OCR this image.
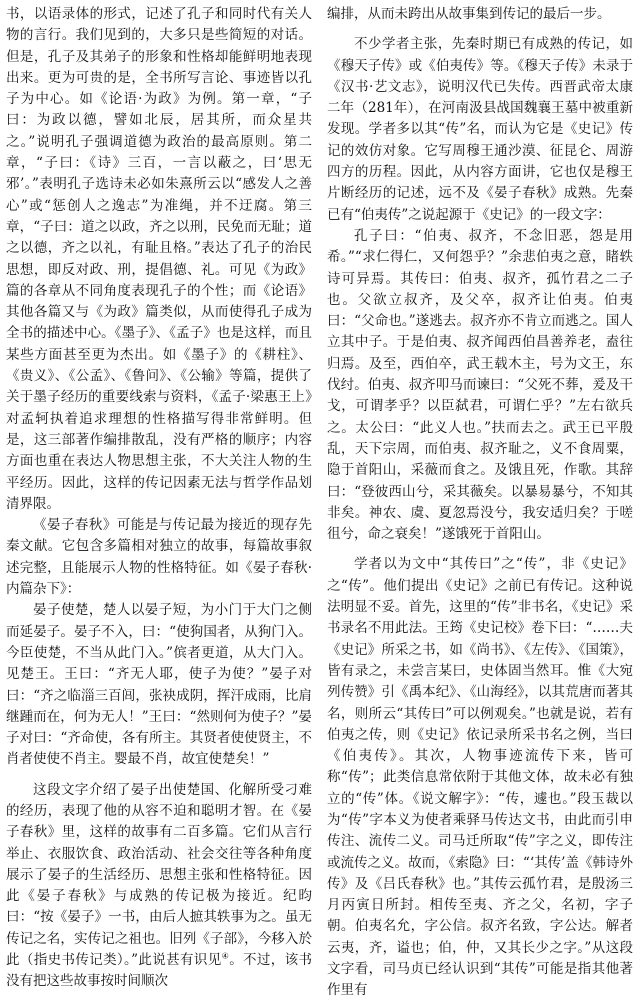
书，以语录体的形式，记述了孔子和同时代有关人物的言行。我们见到的，大多只是些简短的对话。但是，孔子及其弟子的形象和性格却能鲜明地表现出来。更为可贵的是，全书所写言论、事迹皆以孔子为中心。如《论语·为政》为例。第一章，“子曰：为政以德，譬如北辰，居其所，而众星共之。”说明孔子强调道德为政治的最高原则。第二章，“子曰：《诗》三百，一言以蔽之，曰‘思无邪’。”表明孔子选诗未必如朱熹所云以“感发人之善心”或“惩创人之逸志”为准绳，并不迂腐。第三章，“子曰：道之以政，齐之以刑，民免而无耻；道之以德，齐之以礼，有耻且格。”表达了孔子的治民思想，即反对政、刑，提倡德、礼。可见《为政》篇的各章从不同角度表现孔子的个性；而《论语》其他各篇又与《为政》篇类似，从而使得孔子成为全书的描述中心。《墨子》、《孟子》也是这样，而且某些方面甚至更为杰出。如《墨子》的《耕柱》、《贵义》、《公孟》、《鲁问》、《公输》等篇，提供了关于墨子经历的重要线索与资料，《孟子·梁惠王上》对孟轲执着追求理想的性格描写得非常鲜明。但是，这三部著作编排散乱，没有严格的顺序；内容方面也重在表达人物思想主张，不大关注人物的生平经历。因此，这样的传记因素无法与哲学作品划清界限。

《晏子春秋》可能是与传记最为接近的现存先秦文献。它包含多篇相对独立的故事，每篇故事叙述完整，且能展示人物的性格特征。如《晏子春秋·内篇杂下》：

晏子使楚，楚人以晏子短，为小门于大门之侧而延晏子。晏子不入，曰：“使狗国者，从狗门入。今臣使楚，不当从此门入。”傧者更道，从大门入。见楚王。王曰：“齐无人耶，使子为使？”晏子对曰：“齐之临淄三百闾，张袂成阴，挥汗成雨，比肩继踵而在，何为无人！”王曰：“然则何为使子？”晏子对曰：“齐命使，各有所主。其贤者使使贤主，不肖者使使不肖主。婴最不肖，故宜使楚矣！”

这段文字介绍了晏子出使楚国、化解所受刁难的经历，表现了他的从容不迫和聪明才智。在《晏子春秋》里，这样的故事有二百多篇。它们从言行举止、衣服饮食、政治活动、社会交往等各种角度展示了晏子的生活经历、思想主张和性格特征。因此《晏子春秋》与成熟的传记极为接近。纪昀曰：“按《晏子》一书，由后人摭其轶事为之。虽无传记之名，实传记之祖也。旧列《子部》，今移入於此（指史书传记类）。”此说甚有识见④。不过，该书没有把这些故事按时间顺次

编排，从而未跨出从故事集到传记的最后一步。

不少学者主张，先秦时期已有成熟的传记，如《穆天子传》或《伯夷传》等。《穆天子传》未录于《汉书·艺文志》，说明汉代已失传。西晋武帝太康二年（281年），在河南汲县战国魏襄王墓中被重新发现。学者多以其“传”名，而认为它是《史记》传记的效仿对象。它写周穆王通沙漠、征昆仑、周游四方的历程。因此，从内容方面讲，它也仅是穆王片断经历的记述，远不及《晏子春秋》成熟。先秦已有“伯夷传”之说起源于《史记》的一段文字：

孔子曰：“伯夷、叔齐，不念旧恶，怨是用希。”“求仁得仁，又何怨乎？”余悲伯夷之意，睹轶诗可异焉。其传曰：伯夷、叔齐，孤竹君之二子也。父欲立叔齐，及父卒，叔齐让伯夷。伯夷曰：“父命也。”遂逃去。叔齐亦不肯立而逃之。国人立其中子。于是伯夷、叔齐闻西伯昌善养老，盍往归焉。及至，西伯卒，武王载木主，号为文王，东伐纣。伯夷、叔齐叩马而谏曰：“父死不葬，爰及干戈，可谓孝乎？以臣弑君，可谓仁乎？”左右欲兵之。太公曰：“此义人也。”扶而去之。武王已平殷乱，天下宗周，而伯夷、叔齐耻之，义不食周粟，隐于首阳山，采薇而食之。及饿且死，作歌。其辞曰：“登彼西山兮，采其薇矣。以暴易暴兮，不知其非矣。神农、虞、夏忽焉没兮，我安适归矣？于嗟徂兮，命之衰矣！”遂饿死于首阳山。

学者以为文中“其传曰”之“传”，非《史记》之“传”。他们提出《史记》之前已有传记。这种说法明显不妥。首先，这里的“传”非书名，《史记》采书录名不用此法。王筠《史记校》卷下曰：“……夫《史记》所采之书，如《尚书》、《左传》、《国策》，皆有录之，未尝言某曰，史体固当然耳。惟《大宛列传赞》引《禹本纪》、《山海经》，以其荒唐而著其名，则所云“其传曰”可以例观矣。”也就是说，若有伯夷之传，则《史记》依记录所采书名之例，当曰《伯夷传》。其次，人物事迹流传下来，皆可称“传”；此类信息常依附于其他文体，故未必有独立的“传”体。《说文解字》：“传，遽也。”段玉裁以为“传”字本义为使者乘驿马传达文书，由此而引申传注、流传二义。司马迁所取“传”字之义，即传注或流传之义。故而，《索隐》曰：“‘其传’盖《韩诗外传》及《吕氏春秋》也。”其传云孤竹君，是殷汤三月丙寅日所封。相传至夷、齐之父，名初，字子朝。伯夷名允，字公信。叔齐名致，字公达。解者云夷，齐，谥也；伯，仲，又其长少之字。”从这段文字看，司马贞已经认识到“其传”可能是指其他著作里有
